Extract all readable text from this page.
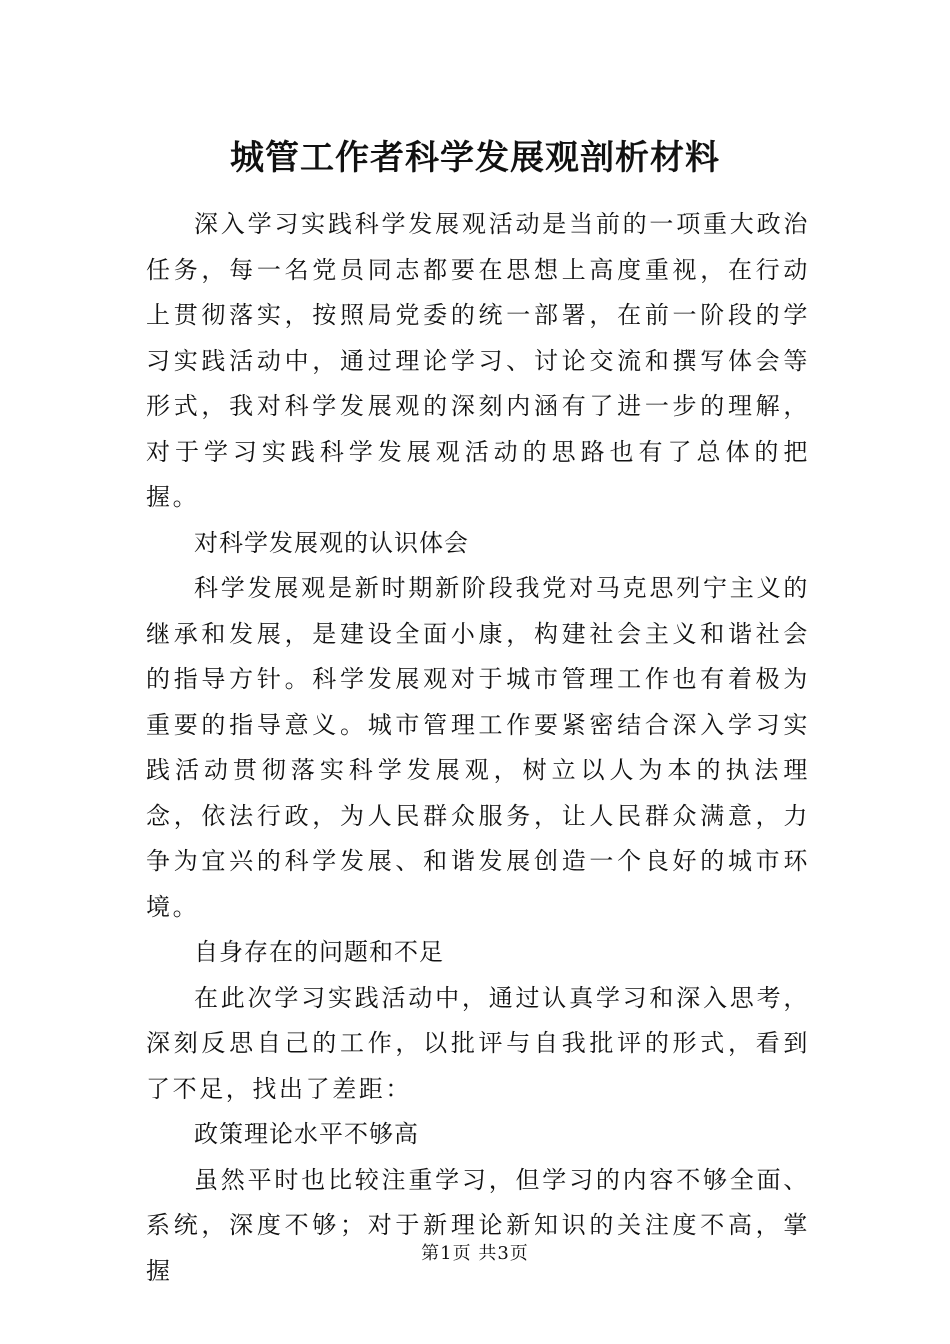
城管工作者科学发展观剖析材料

深入学习实践科学发展观活动是当前的一项重大政治任务，每一名党员同志都要在思想上高度重视，在行动上贯彻落实，按照局党委的统一部署，在前一阶段的学习实践活动中，通过理论学习、讨论交流和撰写体会等形式，我对科学发展观的深刻内涵有了进一步的理解，对于学习实践科学发展观活动的思路也有了总体的把握。

对科学发展观的认识体会

科学发展观是新时期新阶段我党对马克思列宁主义的继承和发展，是建设全面小康，构建社会主义和谐社会的指导方针。科学发展观对于城市管理工作也有着极为重要的指导意义。城市管理工作要紧密结合深入学习实践活动贯彻落实科学发展观，树立以人为本的执法理念，依法行政，为人民群众服务，让人民群众满意，力争为宜兴的科学发展、和谐发展创造一个良好的城市环境。

自身存在的问题和不足

在此次学习实践活动中，通过认真学习和深入思考，深刻反思自己的工作，以批评与自我批评的形式，看到了不足，找出了差距：

政策理论水平不够高

虽然平时也比较注重学习，但学习的内容不够全面、系统，深度不够；对于新理论新知识的关注度不高，掌握

第1页 共3页
